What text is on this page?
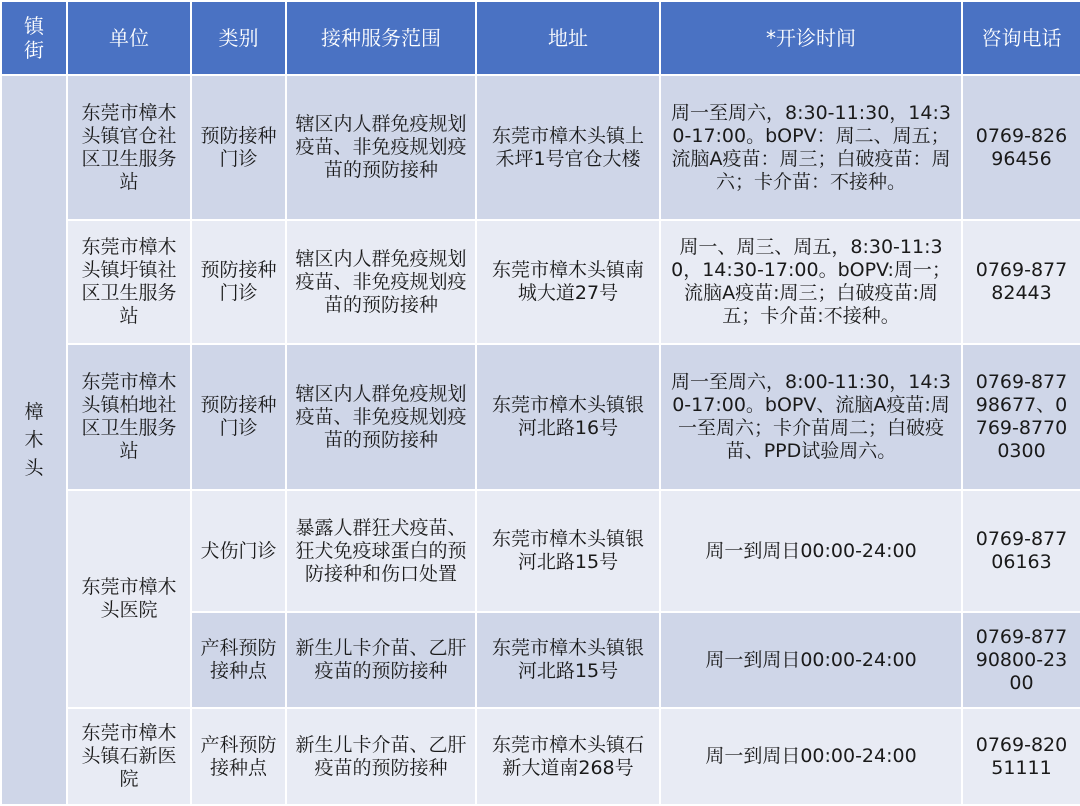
镇街	单位	类别	接种服务范围	地址	*开诊时间	咨询电话
樟木头	东莞市樟木头镇官仓社区卫生服务站	预防接种门诊	辖区内人群免疫规划疫苗、非免疫规划疫苗的预防接种	东莞市樟木头镇上禾坪1号官仓大楼	周一至周六，8:30-11:30，14:30-17:00。bOPV：周二、周五；流脑A疫苗：周三；白破疫苗：周六；卡介苗：不接种。	0769-82696456
	东莞市樟木头镇圩镇社区卫生服务站	预防接种门诊	辖区内人群免疫规划疫苗、非免疫规划疫苗的预防接种	东莞市樟木头镇南城大道27号	周一、周三、周五，8:30-11:30，14:30-17:00。bOPV:周一；流脑A疫苗:周三；白破疫苗:周五；卡介苗:不接种。	0769-87782443
	东莞市樟木头镇柏地社区卫生服务站	预防接种门诊	辖区内人群免疫规划疫苗、非免疫规划疫苗的预防接种	东莞市樟木头镇银河北路16号	周一至周六，8:00-11:30，14:30-17:00。bOPV、流脑A疫苗:周一至周六；卡介苗周二；白破疫苗、PPD试验周六。	0769-87798677、0769-87700300
	东莞市樟木头医院	犬伤门诊	暴露人群狂犬疫苗、狂犬免疫球蛋白的预防接种和伤口处置	东莞市樟木头镇银河北路15号	周一到周日00:00-24:00	0769-87706163
		产科预防接种点	新生儿卡介苗、乙肝疫苗的预防接种	东莞市樟木头镇银河北路15号	周一到周日00:00-24:00	0769-87790800-2300
	东莞市樟木头镇石新医院	产科预防接种点	新生儿卡介苗、乙肝疫苗的预防接种	东莞市樟木头镇石新大道南268号	周一到周日00:00-24:00	0769-82051111
